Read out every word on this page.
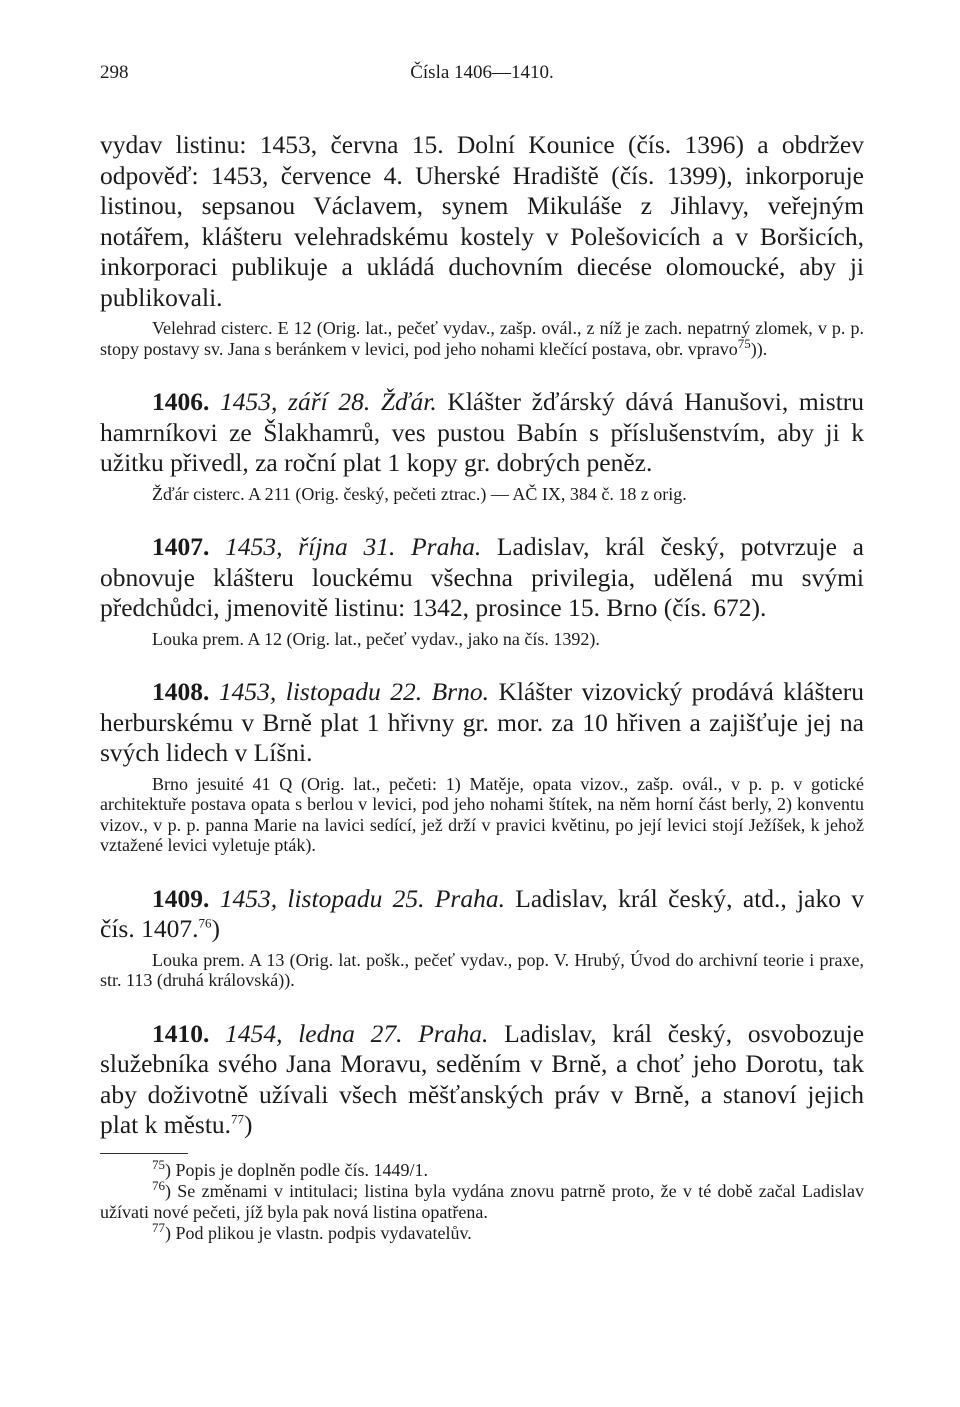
Čísla 1406—1410.
298

vydav listinu: 1453, června 15. Dolní Kounice (čís. 1396) a obdržev odpověď: 1453, července 4. Uherské Hradiště (čís. 1399), inkorporuje listinou, sepsanou Václavem, synem Mikuláše z Jihlavy, veřejným notářem, klášteru velehradskému kostely v Polešovicích a v Boršicích, inkorporaci publikuje a ukládá duchovním diecése olomoucké, aby ji publikovali.

Velehrad cisterc. E 12 (Orig. lat., pečeť vydav., zašp. ovál., z níž je zach. nepatrný zlomek, v p. p. stopy postavy sv. Jana s beránkem v levici, pod jeho nohami klečící postava, obr. vpravo$^{75}$)).

1406. 1453, září 28. Žďár. Klášter žďárský dává Hanušovi, mistru hamrníkovi ze Šlakhamrů, ves pustou Babín s příslušenstvím, aby ji k užitku přivedl, za roční plat 1 kopy gr. dobrých peněz.

Žďár cisterc. A 211 (Orig. český, pečeti ztrac.) — AČ IX, 384 č. 18 z orig.

1407. 1453, října 31. Praha. Ladislav, král český, potvrzuje a obnovuje klášteru louckému všechna privilegia, udělená mu svými předchůdci, jmenovitě listinu: 1342, prosince 15. Brno (čís. 672).

Louka prem. A 12 (Orig. lat., pečeť vydav., jako na čís. 1392).

1408. 1453, listopadu 22. Brno. Klášter vizovický prodává klášteru herburskému v Brně plat 1 hřivny gr. mor. za 10 hřiven a zajišťuje jej na svých lidech v Líšni.

Brno jesuité 41 Q (Orig. lat., pečeti: 1) Matěje, opata vizov., zašp. ovál., v p. p. v gotické architektuře postava opata s berlou v levici, pod jeho nohami štítek, na něm horní část berly, 2) konventu vizov., v p. p. panna Marie na lavici sedící, jež drží v pravici květinu, po její levici stojí Ježíšek, k jehož vztažené levici vyletuje pták).

1409. 1453, listopadu 25. Praha. Ladislav, král český, atd., jako v čís. 1407.76)

Louka prem. A 13 (Orig. lat. pošk., pečeť vydav., pop. V. Hrubý, Úvod do archivní teorie i praxe, str. 113 (druhá královská)).

1410. 1454, ledna 27. Praha. Ladislav, král český, osvobozuje služebníka svého Jana Moravu, seděním v Brně, a choť jeho Dorotu, tak aby doživotně užívali všech měšťanských práv v Brně, a stanoví jejich plat k městu.$^{77}$)

$^{75}$) Popis je doplněn podle čís. 1449/1.

$^{76}$) Se změnami v intitulaci; listina byla vydána znovu patrně proto, že v té době začal Ladislav užívati nové pečeti, jíž byla pak nová listina opatřena.

$^{77}$) Pod plikou je vlastn. podpis vydavatelův.
